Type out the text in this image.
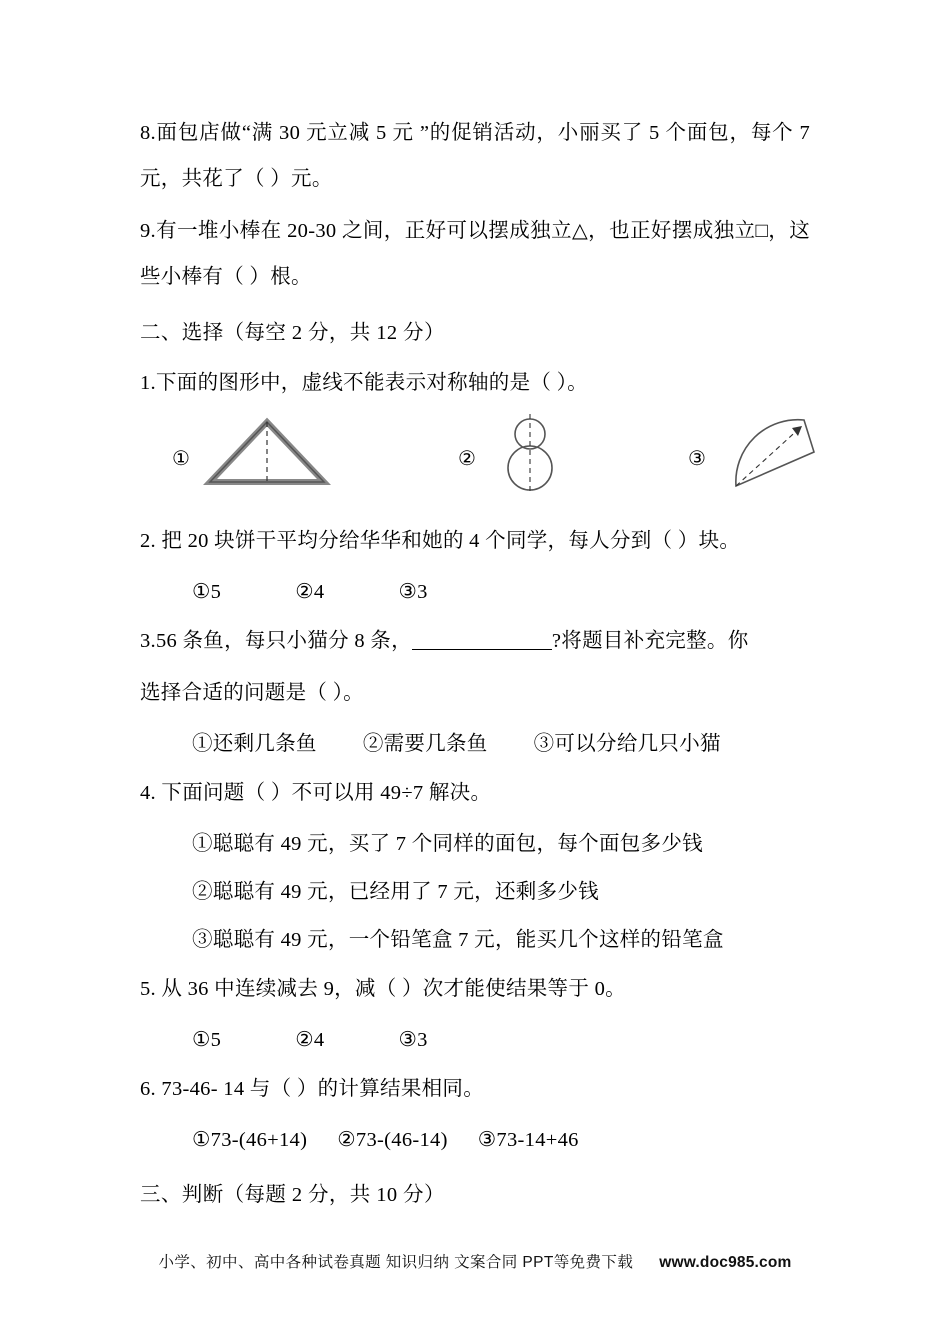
8.面包店做“满 30 元立减 5 元 ”的促销活动，小丽买了 5 个面包，每个 7 元，共花了（ ）元。

9.有一堆小棒在 20-30 之间，正好可以摆成独立△，也正好摆成独立□，这些小棒有（ ）根。

二、选择（每空 2 分，共 12 分）

1.下面的图形中，虚线不能表示对称轴的是（ ）。

①	②	③

2. 把 20 块饼干平均分给华华和她的 4 个同学，每人分到（ ）块。

①5	②4	③3

3.56 条鱼，每只小猫分 8 条，	?将题目补充完整。你

选择合适的问题是（ ）。

①还剩几条鱼 ②需要几条鱼 ③可以分给几只小猫

4. 下面问题（ ）不可以用 49÷7 解决。

①聪聪有 49 元，买了 7 个同样的面包，每个面包多少钱

②聪聪有 49 元，已经用了 7 元，还剩多少钱

③聪聪有 49 元，一个铅笔盒 7 元，能买几个这样的铅笔盒

5. 从 36 中连续减去 9，减（ ）次才能使结果等于 0。

①5	②4	③3

6. 73-46- 14 与（ ）的计算结果相同。

①73-(46+14) ②73-(46-14) ③73-14+46

三、判断（每题 2 分，共 10 分）

小学、初中、高中各种试卷真题 知识归纳 文案合同 PPT等免费下载 www.doc985.com
